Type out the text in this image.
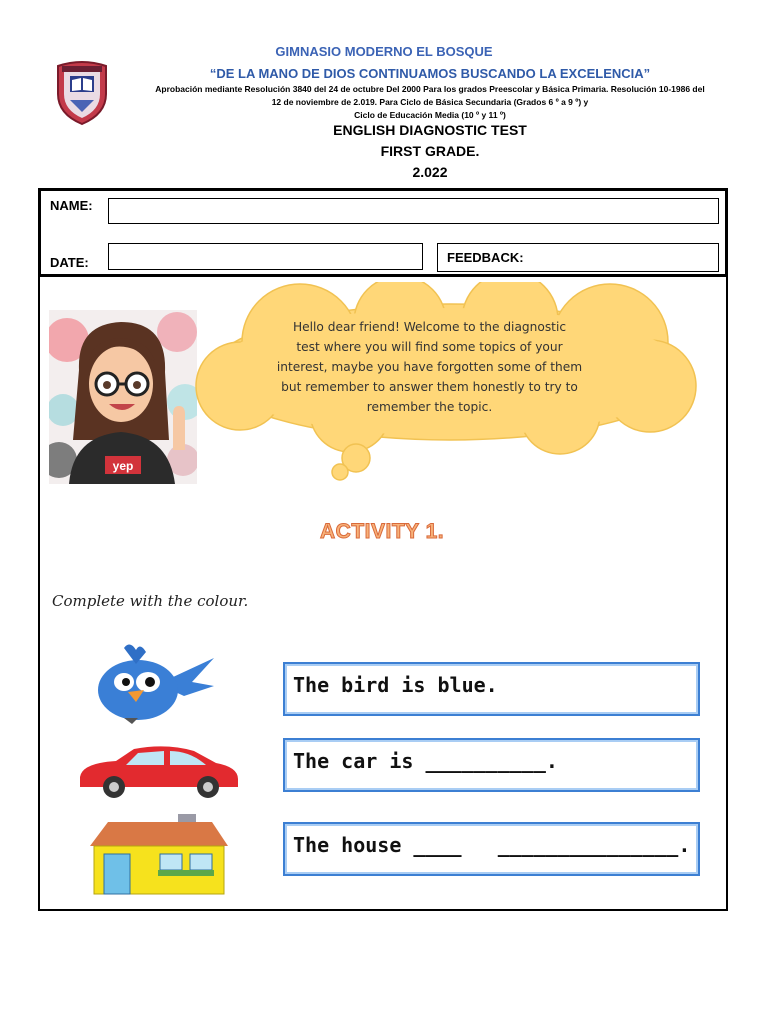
GIMNASIO MODERNO EL BOSQUE
“DE LA MANO DE DIOS CONTINUAMOS BUSCANDO LA EXCELENCIA”
Aprobación mediante Resolución 3840 del 24 de octubre Del 2000 Para los grados Preescolar y Básica Primaria. Resolución 10-1986 del
12 de noviembre de 2.019. Para Ciclo de Básica Secundaria (Grados 6 º a 9 º) y
Ciclo de Educación Media (10 º y 11 º)
ENGLISH DIAGNOSTIC TEST
FIRST GRADE.
2.022
NAME:
DATE:	FEEDBACK:
yep
Hello dear friend! Welcome to the diagnostic
test where you will find some topics of your
interest, maybe you have forgotten some of them
but remember to answer them honestly to try to
remember the topic.
ACTIVITY 1.
Complete with the colour.
The bird is blue.
The car is __________.
The house ____   _______________.
